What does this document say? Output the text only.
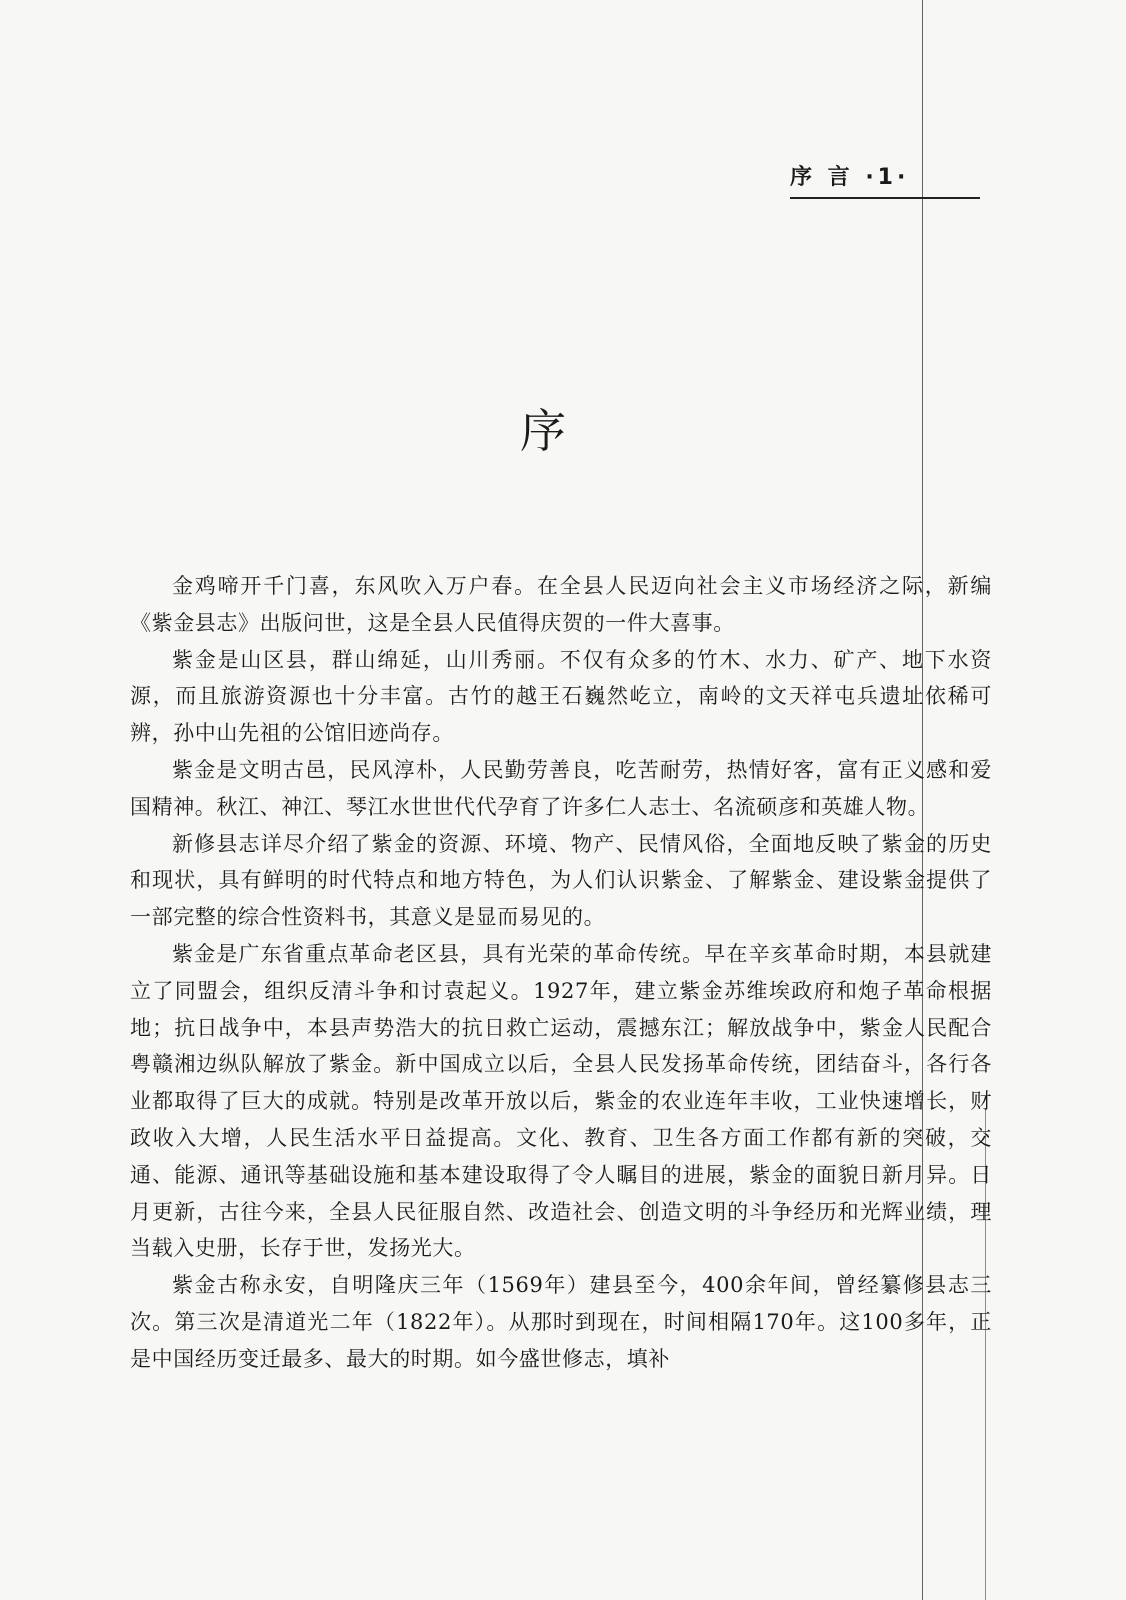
序 言 ·1·
序

金鸡啼开千门喜，东风吹入万户春。在全县人民迈向社会主义市场经济之际，新编《紫金县志》出版问世，这是全县人民值得庆贺的一件大喜事。

紫金是山区县，群山绵延，山川秀丽。不仅有众多的竹木、水力、矿产、地下水资源，而且旅游资源也十分丰富。古竹的越王石巍然屹立，南岭的文天祥屯兵遗址依稀可辨，孙中山先祖的公馆旧迹尚存。

紫金是文明古邑，民风淳朴，人民勤劳善良，吃苦耐劳，热情好客，富有正义感和爱国精神。秋江、神江、琴江水世世代代孕育了许多仁人志士、名流硕彦和英雄人物。

新修县志详尽介绍了紫金的资源、环境、物产、民情风俗，全面地反映了紫金的历史和现状，具有鲜明的时代特点和地方特色，为人们认识紫金、了解紫金、建设紫金提供了一部完整的综合性资料书，其意义是显而易见的。

紫金是广东省重点革命老区县，具有光荣的革命传统。早在辛亥革命时期，本县就建立了同盟会，组织反清斗争和讨袁起义。1927年，建立紫金苏维埃政府和炮子革命根据地；抗日战争中，本县声势浩大的抗日救亡运动，震撼东江；解放战争中，紫金人民配合粤赣湘边纵队解放了紫金。新中国成立以后，全县人民发扬革命传统，团结奋斗，各行各业都取得了巨大的成就。特别是改革开放以后，紫金的农业连年丰收，工业快速增长，财政收入大增，人民生活水平日益提高。文化、教育、卫生各方面工作都有新的突破，交通、能源、通讯等基础设施和基本建设取得了令人瞩目的进展，紫金的面貌日新月异。日月更新，古往今来，全县人民征服自然、改造社会、创造文明的斗争经历和光辉业绩，理当载入史册，长存于世，发扬光大。

紫金古称永安，自明隆庆三年（1569年）建县至今，400余年间，曾经纂修县志三次。第三次是清道光二年（1822年）。从那时到现在，时间相隔170年。这100多年，正是中国经历变迁最多、最大的时期。如今盛世修志，填补
